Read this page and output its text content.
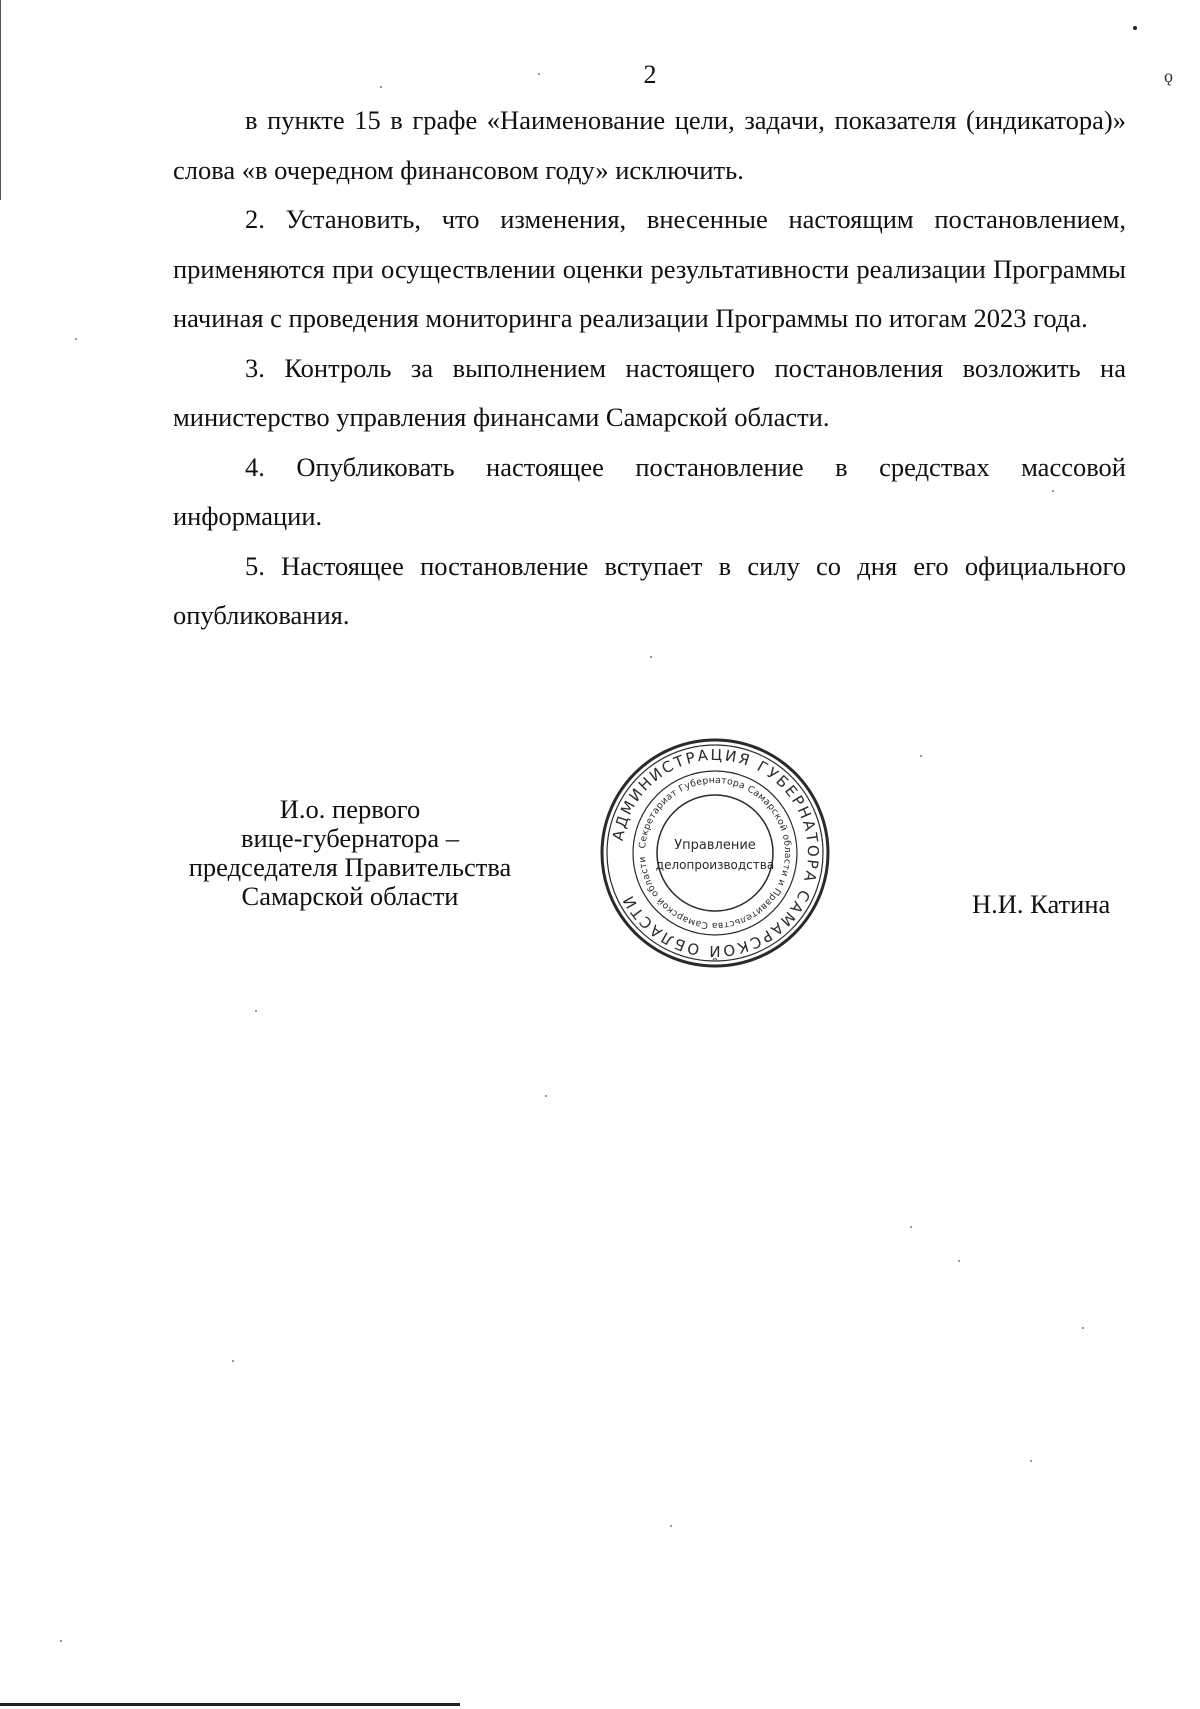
2	ǫ

в пункте 15 в графе «Наименование цели, задачи, показателя (индикатора)» слова «в очередном финансовом году» исключить.

2. Установить, что изменения, внесенные настоящим постановлением, применяются при осуществлении оценки результативности реализации Программы начиная с проведения мониторинга реализации Программы по итогам 2023 года.

3. Контроль за выполнением настоящего постановления возложить на министерство управления финансами Самарской области.

4. Опубликовать настоящее постановление в средствах массовой информации.

5. Настоящее постановление вступает в силу со дня его официального опубликования.

И.о. первого
вице-губернатора –
председателя Правительства
Самарской области	Н.И. Катина
АДМИНИСТРАЦИЯ ГУБЕРНАТОРА САМАРСКОЙ ОБЛАСТИ
Секретариат Губернатора Самарской области и Правительства Самарской области
Управление
делопроизводства
